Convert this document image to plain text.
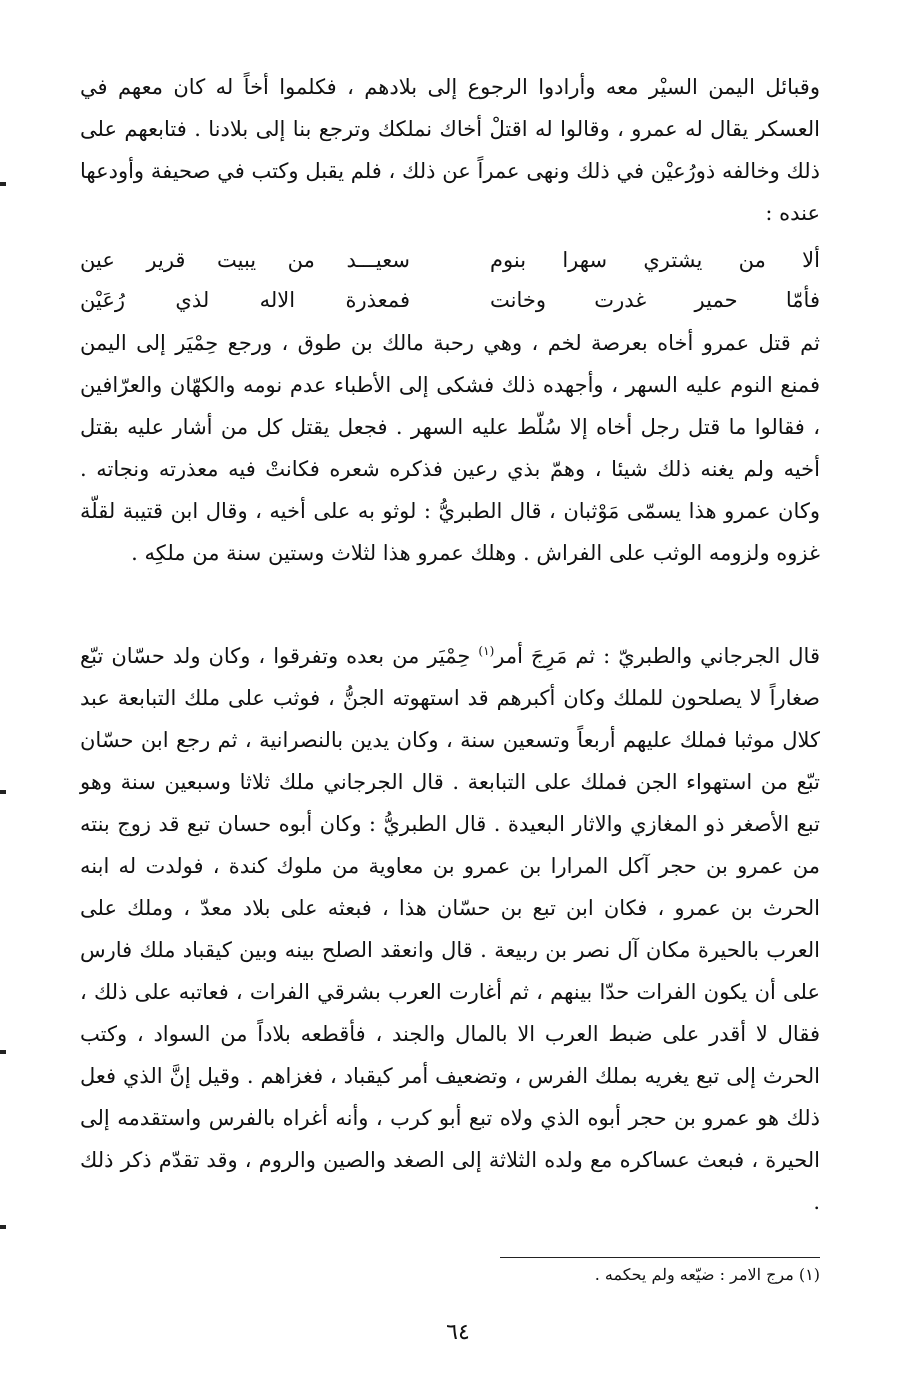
وقبائل اليمن السيْر معه وأرادوا الرجوع إلى بلادهم ، فكلموا أخاً له كان معهم في العسكر يقال له عمرو ، وقالوا له اقتلْ أخاك نملكك وترجع بنا إلى بلادنا . فتابعهم على ذلك وخالفه ذورُعيْن في ذلك ونهى عمراً عن ذلك ، فلم يقبل وكتب في صحيفة وأودعها عنده :

ألا من يشتري سهرا بنوم
سعيـــد من يبيت قرير عين
فأمّا حمير غدرت وخانت
فمعذرة الاله لذي رُعَيْن

ثم قتل عمرو أخاه بعرصة لخم ، وهي رحبة مالك بن طوق ، ورجع حِمْيَر إلى اليمن فمنع النوم عليه السهر ، وأجهده ذلك فشكى إلى الأطباء عدم نومه والكهّان والعرّافين ، فقالوا ما قتل رجل أخاه إلا سُلّط عليه السهر . فجعل يقتل كل من أشار عليه بقتل أخيه ولم يغنه ذلك شيئا ، وهمّ بذي رعين فذكره شعره فكانتْ فيه معذرته ونجاته . وكان عمرو هذا يسمّى مَوْثبان ، قال الطبريُّ : لوثو به على أخيه ، وقال ابن قتيبة لقلّة غزوه ولزومه الوثب على الفراش . وهلك عمرو هذا لثلاث وستين سنة من ملكِه .

قال الجرجاني والطبريّ : ثم مَرِجَ أمر$^{(١)}$ حِمْيَر من بعده وتفرقوا ، وكان ولد حسّان تبّع صغاراً لا يصلحون للملك وكان أكبرهم قد استهوته الجنُّ ، فوثب على ملك التبابعة عبد كلال موثبا فملك عليهم أربعاً وتسعين سنة ، وكان يدين بالنصرانية ، ثم رجع ابن حسّان تبّع من استهواء الجن فملك على التبابعة . قال الجرجاني ملك ثلاثا وسبعين سنة وهو تبع الأصغر ذو المغازي والاثار البعيدة . قال الطبريُّ : وكان أبوه حسان تبع قد زوج بنته من عمرو بن حجر آكل المرارا بن عمرو بن معاوية من ملوك كندة ، فولدت له ابنه الحرث بن عمرو ، فكان ابن تبع بن حسّان هذا ، فبعثه على بلاد معدّ ، وملك على العرب بالحيرة مكان آل نصر بن ربيعة . قال وانعقد الصلح بينه وبين كيقباد ملك فارس على أن يكون الفرات حدّا بينهم ، ثم أغارت العرب بشرقي الفرات ، فعاتبه على ذلك ، فقال لا أقدر على ضبط العرب الا بالمال والجند ، فأقطعه بلاداً من السواد ، وكتب الحرث إلى تبع يغريه بملك الفرس ، وتضعيف أمر كيقباد ، فغزاهم . وقيل إنَّ الذي فعل ذلك هو عمرو بن حجر أبوه الذي ولاه تبع أبو كرب ، وأنه أغراه بالفرس واستقدمه إلى الحيرة ، فبعث عساكره مع ولده الثلاثة إلى الصغد والصين والروم ، وقد تقدّم ذكر ذلك .

(١) مرج الامر : ضيّعه ولم يحكمه .
٦٤
